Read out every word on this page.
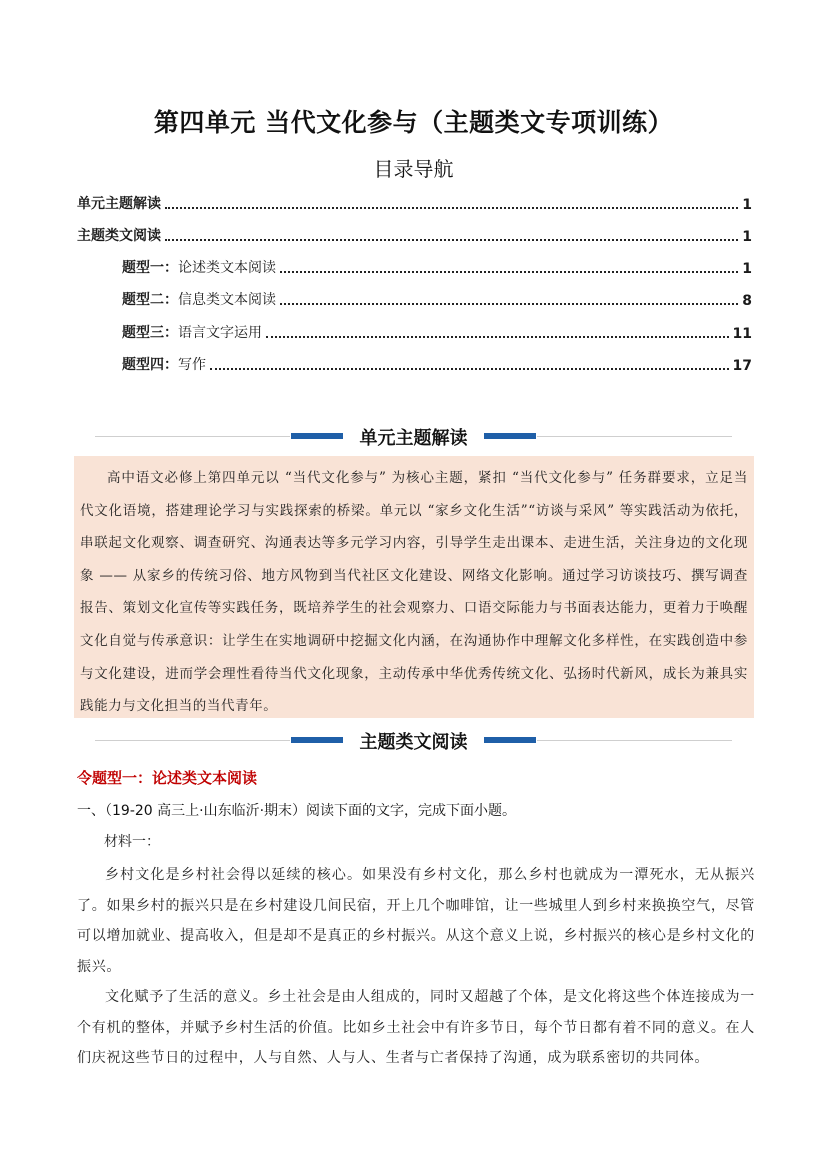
第四单元 当代文化参与（主题类文专项训练）
目录导航
单元主题解读	1
主题类文阅读	1
题型一：论述类文本阅读	1
题型二：信息类文本阅读	8
题型三：语言文字运用	11
题型四：写作	17
单元主题解读

高中语文必修上第四单元以 “当代文化参与” 为核心主题，紧扣 “当代文化参与” 任务群要求，立足当代文化语境，搭建理论学习与实践探索的桥梁。单元以 “家乡文化生活”“访谈与采风” 等实践活动为依托，串联起文化观察、调查研究、沟通表达等多元学习内容，引导学生走出课本、走进生活，关注身边的文化现象 —— 从家乡的传统习俗、地方风物到当代社区文化建设、网络文化影响。通过学习访谈技巧、撰写调查报告、策划文化宣传等实践任务，既培养学生的社会观察力、口语交际能力与书面表达能力，更着力于唤醒文化自觉与传承意识：让学生在实地调研中挖掘文化内涵，在沟通协作中理解文化多样性，在实践创造中参与文化建设，进而学会理性看待当代文化现象，主动传承中华优秀传统文化、弘扬时代新风，成长为兼具实践能力与文化担当的当代青年。

主题类文阅读
令题型一：论述类文本阅读
一、（19-20 高三上·山东临沂·期末）阅读下面的文字，完成下面小题。
材料一：

乡村文化是乡村社会得以延续的核心。如果没有乡村文化，那么乡村也就成为一潭死水，无从振兴了。如果乡村的振兴只是在乡村建设几间民宿，开上几个咖啡馆，让一些城里人到乡村来换换空气，尽管可以增加就业、提高收入，但是却不是真正的乡村振兴。从这个意义上说，乡村振兴的核心是乡村文化的振兴。

文化赋予了生活的意义。乡土社会是由人组成的，同时又超越了个体，是文化将这些个体连接成为一个有机的整体，并赋予乡村生活的价值。比如乡土社会中有许多节日，每个节日都有着不同的意义。在人们庆祝这些节日的过程中，人与自然、人与人、生者与亡者保持了沟通，成为联系密切的共同体。
